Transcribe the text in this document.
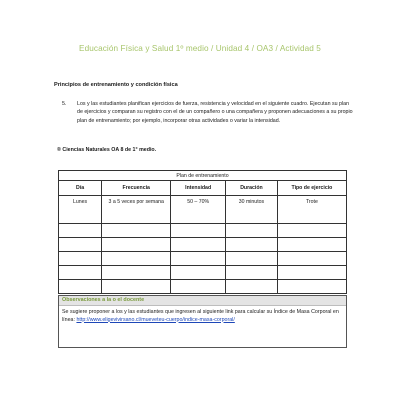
Educación Física y Salud 1º medio / Unidad 4 / OA3 / Actividad 5
Principios de entrenamiento y condición física
5. Los y las estudiantes planifican ejercicios de fuerza, resistencia y velocidad en el siguiente cuadro. Ejecutan su plan de ejercicios y comparan su registro con el de un compañero o una compañera y proponen adecuaciones a su propio plan de entrenamiento; por ejemplo, incorporar otras actividades o variar la intensidad.
® Ciencias Naturales OA 8 de 1° medio.
Plan de entrenamiento				
Día	Frecuencia	Intensidad	Duración	Tipo de ejercicio
Lunes	3 a 5 veces por semana	50 – 70%	30 minutos	Trote

Observaciones a la o el docente
Se sugiere proponer a los y las estudiantes que ingresen al siguiente link para calcular su Índice de Masa Corporal en línea: http://www.eligevivirsano.cl/mueveteu-cuerpo/indice-masa-corporal/
